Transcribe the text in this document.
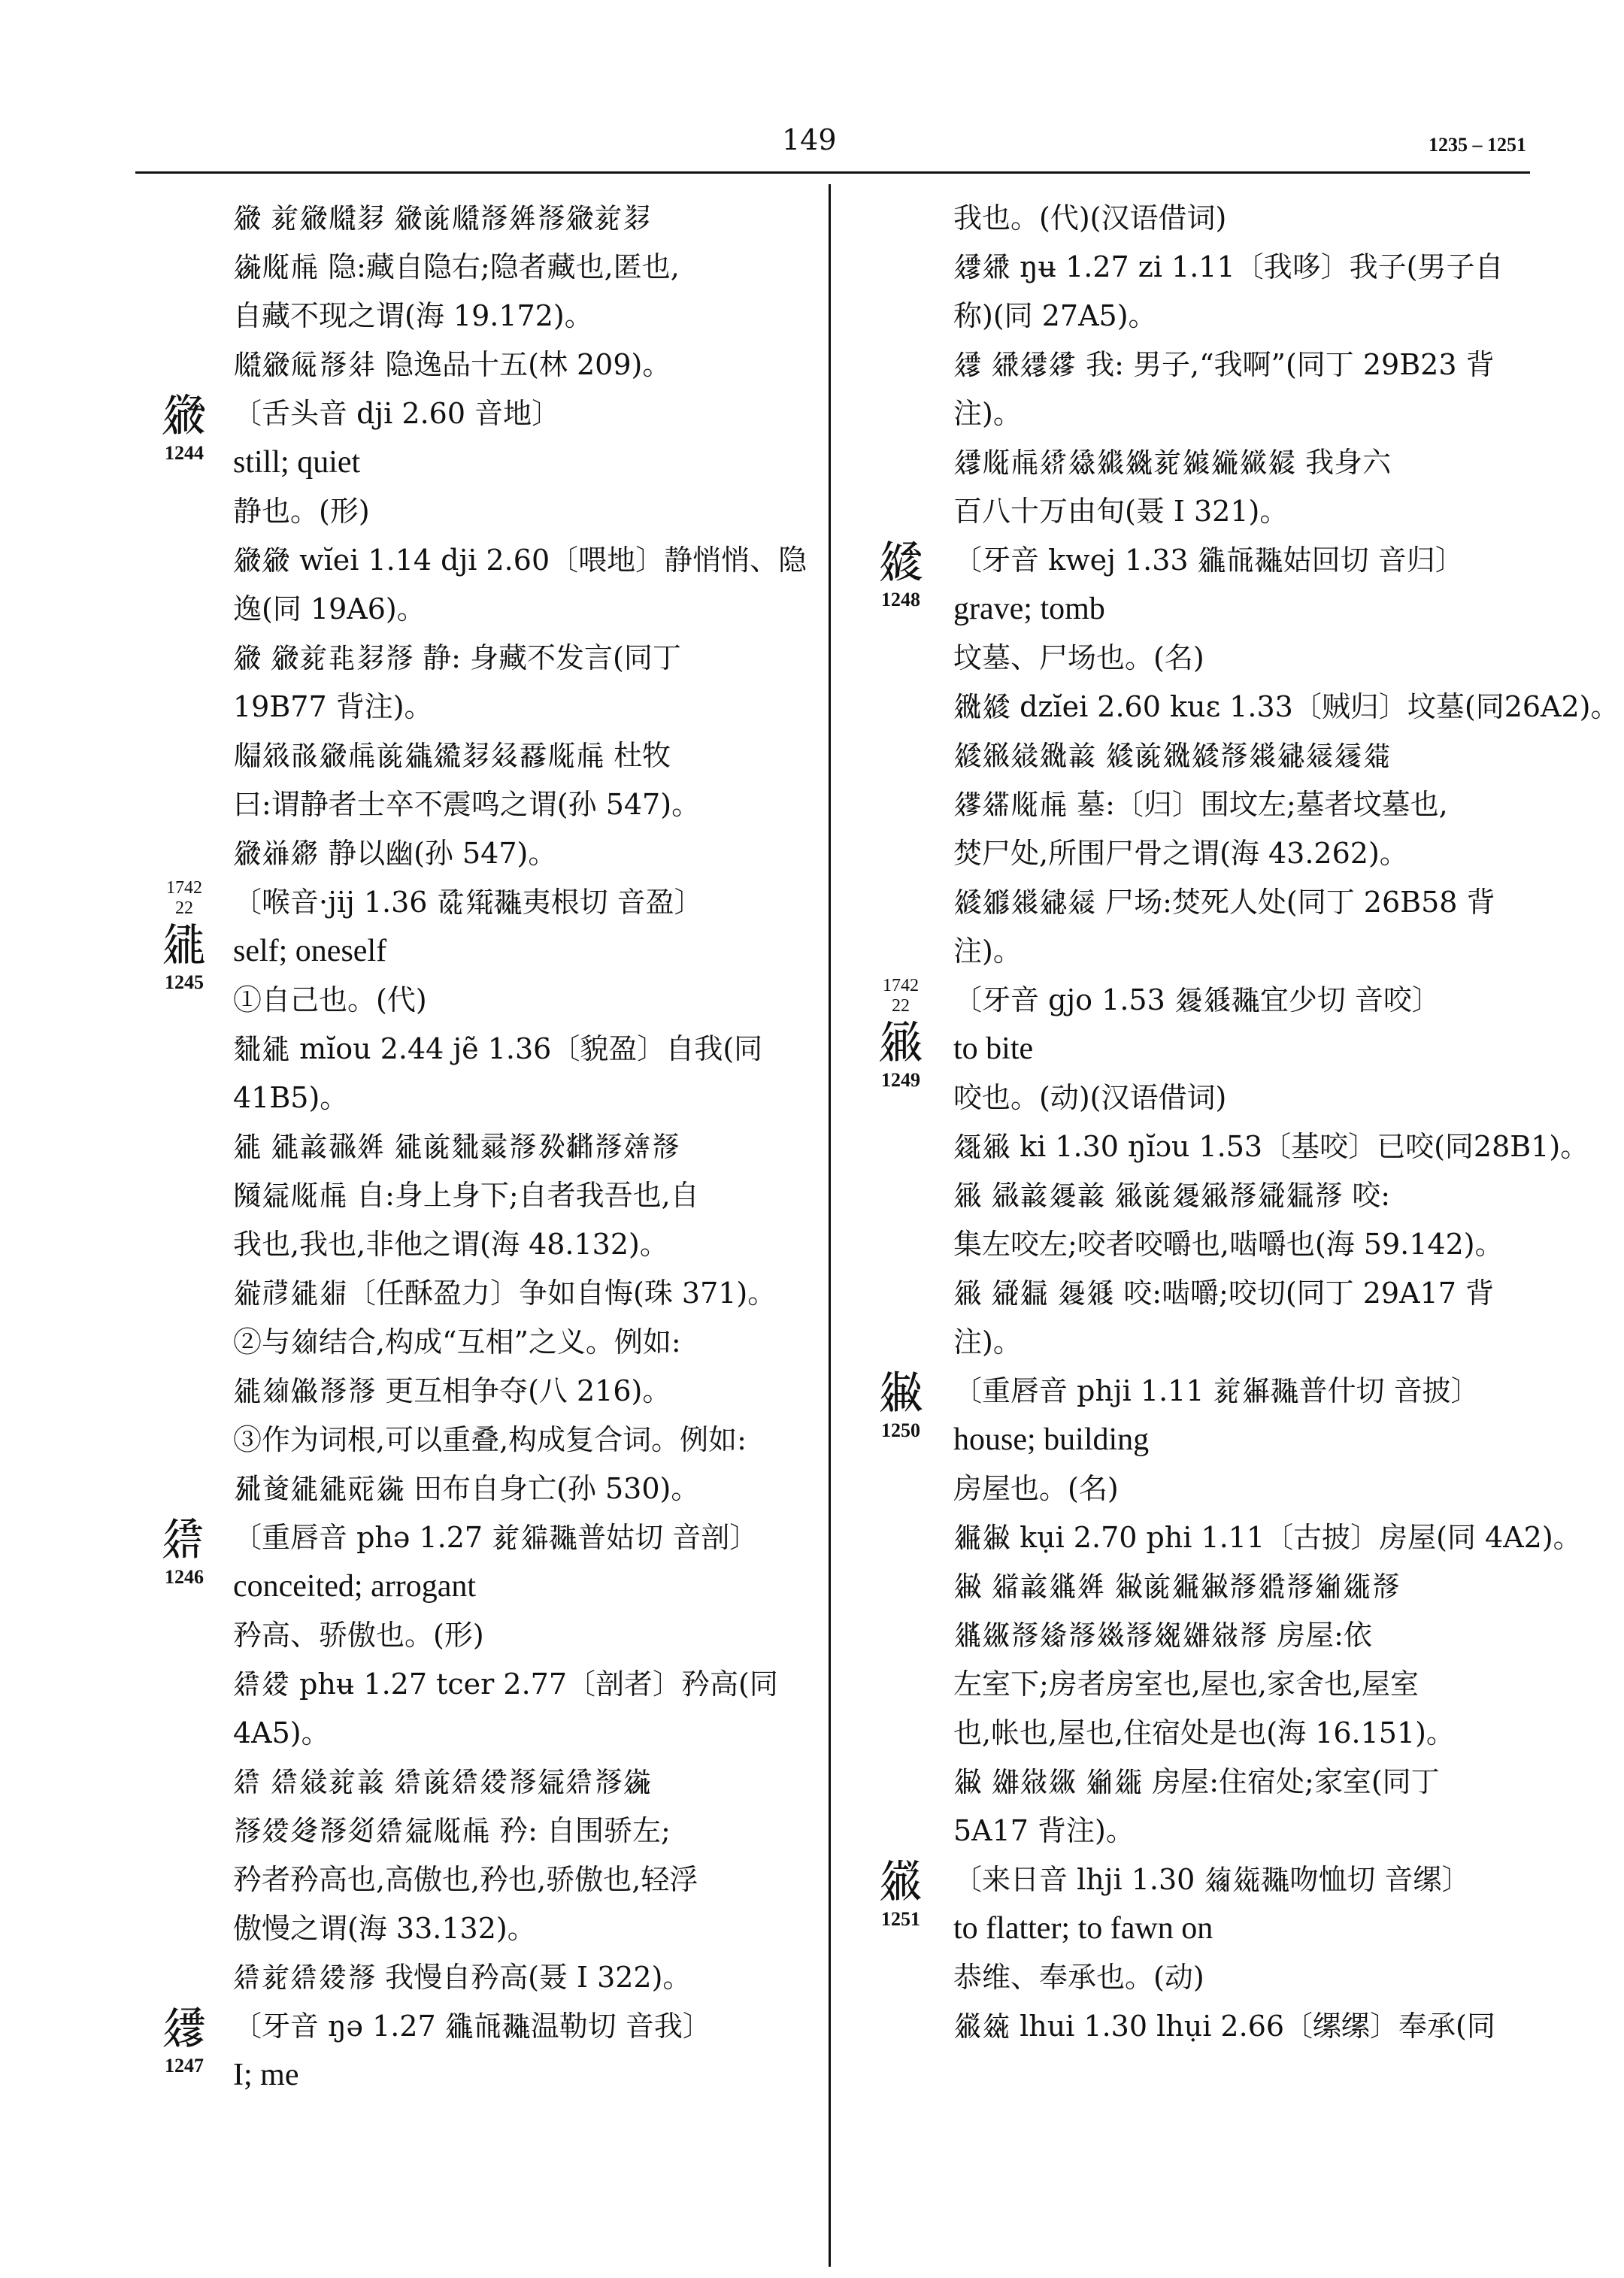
149	1235 – 1251
𗩠 𗐱𗩠𗆮𘎪 𗩠𗐯𗆮𘃡𗤶𘃡𗩠𗐱𘎪
𗨆𗅉𗍫 隐:藏自隐右;隐者藏也,匿也,
自藏不现之谓(海 19.172)。
𗆮𗩠𗏁𘃡𗢳 隐逸品十五(林 209)。
𗩠
1244
〔舌头音 dji 2.60 音地〕
still; quiet
静也。(形)
𗩠𗩠 wĭei 1.14 dji 2.60〔喂地〕静悄悄、隐
逸(同 19A6)。
𗩠 𗩠𗐱𘃴𘎪𘃡 静: 身藏不发言(同丁
19B77 背注)。
𗆝𗤻𗰛𗩠𗍫𗐯𗪘𗫔𘎪𗣆𗵒𗅉𗍫 杜牧
曰:谓静者士卒不震鸣之谓(孙 547)。
𗩠𗕅𗨩 静以幽(孙 547)。
1742
22
𗧓
1245
〔喉音·jij 1.36 𗱕𗋕𗖵夷根切 音盈〕
self; oneself
①自己也。(代)
𘙇𗧓 mĭou 2.44 jẽ 1.36〔貌盈〕自我(同
41B5)。
𗧓 𗧓𗓁𗖻𗤶 𗧓𗐯𘙇𗕥𘃡𗉔𘂤𘃡𗓦𘃡
𗂧𗦇𗅉𗍫 自:身上身下;自者我吾也,自
我也,我也,非他之谓(海 48.132)。
𗨁𗙀𗧓𗤋〔任酥盈力〕争如自悔(珠 371)。
②与𗦻结合,构成“互相”之义。例如:
𗧓𗦻𗏹𘃡𘃡 更互相争夺(八 216)。
③作为词根,可以重叠,构成复合词。例如:
𗉣𗒹𗧓𗧓𗠇𗨆 田布自身亡(孙 530)。
𗧔
1246
〔重唇音 phə 1.27 𗐱𗦗𗖵普姑切 音剖〕
conceited; arrogant
矜高、骄傲也。(形)
𗧔𗧕 phʉ 1.27 tcer 2.77〔剖者〕矜高(同
4A5)。
𗧔 𗧔𗧊𗐱𗓁 𗧔𗐯𗧔𗧕𘃡𗦇𗧔𘃡𗨆
𘃡𗧕𗫶𘃡𗫺𗧔𗦇𗅉𗍫 矜: 自围骄左;
矜者矜高也,高傲也,矜也,骄傲也,轻浮
傲慢之谓(海 33.132)。
𗧔𗐱𗧔𗧕𘃡 我慢自矜高(聂 I 322)。
𗧖
1247
〔牙音 ŋə 1.27 𗪟𗭍𗖵温勒切 音我〕
I; me
我也。(代)(汉语借词)
𗧖𗧗 ŋʉ 1.27 zi 1.11〔我哆〕我子(男子自
称)(同 27A5)。
𗧖 𗧗𗧖𗧘 我: 男子,“我啊”(同丁 29B23 背
注)。
𗧖𗅉𗍫𗧙𗧚𗧛𗧜𗐱𗧝𗧞𗧟𗧠 我身六
百八十万由旬(聂 I 321)。
𗧡
1248
〔牙音 kwej 1.33 𗪟𗭍𗖵姑回切 音归〕
grave; tomb
坟墓、尸场也。(名)
𗧢𗧡 dzĭei 2.60 kuɛ 1.33〔贼归〕坟墓(同26A2)。
𗧡𗧣𗧊𗧢𗓁 𗧡𗐯𗧢𗧡𘃡𗧤𗧥𗧦𗧧𗧨
𗧩𗧪𗅉𗍫 墓:〔归〕围坟左;墓者坟墓也,
焚尸处,所围尸骨之谓(海 43.262)。
𗧡𗧫𗧤𗧥𗧦 尸场:焚死人处(同丁 26B58 背
注)。
1742
22
𗧬
1249
〔牙音 gjo 1.53 𗧭𗧮𗖵宜少切 音咬〕
to bite
咬也。(动)(汉语借词)
𗧯𗧬 ki 1.30 ŋĭɔu 1.53〔基咬〕已咬(同28B1)。
𗧬 𗧰𗓁𗧭𗓁 𗧬𗐯𗧭𗧬𘃡𗧱𗧲𘃡 咬:
集左咬左;咬者咬嚼也,啮嚼也(海 59.142)。
𗧬 𗧱𗧲 𗧭𗧮 咬:啮嚼;咬切(同丁 29A17 背
注)。
𗧳
1250
〔重唇音 phji 1.11 𗐱𗧴𗖵普什切 音披〕
house; building
房屋也。(名)
𗧵𗧳 kụi 2.70 phi 1.11〔古披〕房屋(同 4A2)。
𗧳 𗧶𗓁𗧷𗤶 𗧳𗐯𗧵𗧳𘃡𗧸𘃡𗧹𗧺𘃡
𗧷𗧻𘃡𗧼𘃡𗧽𘃡𗧾𗧿𗨀𘃡 房屋:依
左室下;房者房室也,屋也,家舍也,屋室
也,帐也,屋也,住宿处是也(海 16.151)。
𗧳 𗧿𗨀𗧻 𗧹𗧺 房屋:住宿处;家室(同丁
5A17 背注)。
𗨂
1251
〔来日音 lhji 1.30 𗨃𗨄𗖵吻恤切 音缧〕
to flatter; to fawn on
恭维、奉承也。(动)
𗨂𗨅 lhui 1.30 lhụi 2.66〔缧缧〕奉承(同
